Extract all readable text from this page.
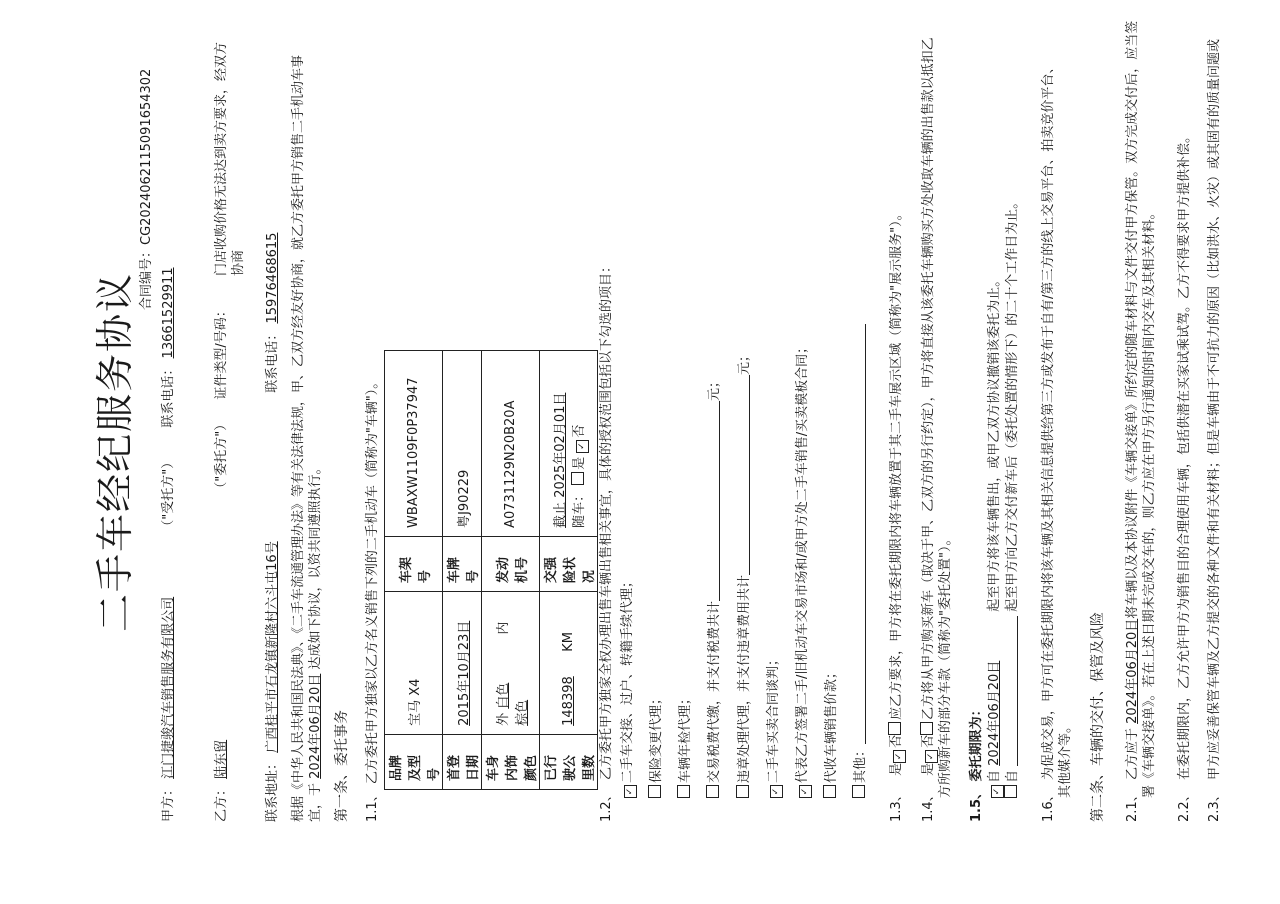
二手车经纪服务协议 合同编号：CG202406211509165430​2
甲方： 江门捷骏汽车销售服务有限公司 （"受托方"） 联系电话： 13661529911
乙方： 陆东留 （"委托方"） 证件类型/号码：
门店收购价格无法达到卖方要求，经双方协商
联系地址： 广西桂平市石龙镇新隆村六斗屯16号 联系电话： 15976468615 根据《中华人民共和国民法典》、《二手车流通管理办法》等有关法律法规，甲、乙双方经友好协商，就乙方委托甲方销售二手机动车事 宜，于 2024年06月20日 达成如下协议，以资共同遵照执行。
第一条、委托事务 1.1、 乙方委托甲方独家以乙方名义销售下列的二手机动车（简称为"车辆"）。 品牌及型号	宝马 X4	车架号	WBAXW1109F0P37947
首登日期	2015年10月23日	车牌号	粤J90229
车身内饰颜色	外 白色 内 棕色	发动机号	A0731129N20B20A
已行驶公里数	148398 KM	交强险状况	截止 2025年02月01日 随车： 是 ✓否
1.2、  乙方委托甲方独家全权办理出售车辆出售相关事宜，具体的授权范围包括以下勾选的项目：
1.3、   是✓否应乙方要求，甲方将在委托期限内将车辆放置于其二手车展示区域（简称为"展示服务"）。
1.4、   是✓否乙方将从甲方购买新车（取决于甲、乙双方的另行约定），甲方将直接从该委托车辆购买方处收取车辆的出售款以抵扣乙 方所购新车的部分车款（简称为"委托处置"）。
1.5、 委托期限为：
✓自 2024年06月20日 起至甲方将该车辆售出，或甲乙双方协议撤销该委托为止。
自  起至甲方向乙方交付新车后（委托处置的情形下）的二十个工作日为止。
1.6、  为促成交易，甲方可在委托期限内将该车辆及其相关信息提供给第三方或发布于自有/第三方的线上交易平台、拍卖竞价平台、 其他媒介等。 第二条、车辆的交付、保管及风险 2.1、  乙方应于 2024年06月20日将车辆以及本协议附件《车辆交接单》所约定的随车材料与文件交付甲方保管。双方完成交付后，应当签 署《车辆交接单》。若在上述日期未完成交车的，则乙方应在甲方另行通知的时间内交车及其相关材料。
2.2、  在委托期限内，乙方允许甲方为销售目的合理使用车辆，包括供潜在买家试乘试驾。乙方不得要求甲方提供补偿。
2.3、  甲方应妥善保管车辆及乙方提交的各种文件和有关材料；但是车辆由于不可抗力的原因（比如洪水、火灾）或其固有的质量问题或
✓二手车交接、过户、转籍手续代理； 保险变更代理； 车辆年检代理； 交易税费代缴，并支付税费共计元；
违章处理代理，并支付违章费用共计元；
✓二手车买卖合同谈判；
✓代表乙方签署二手/旧机动车交易市场和/或甲方处二手车销售/买卖模板合同； 代收车辆销售价款； 其他：
